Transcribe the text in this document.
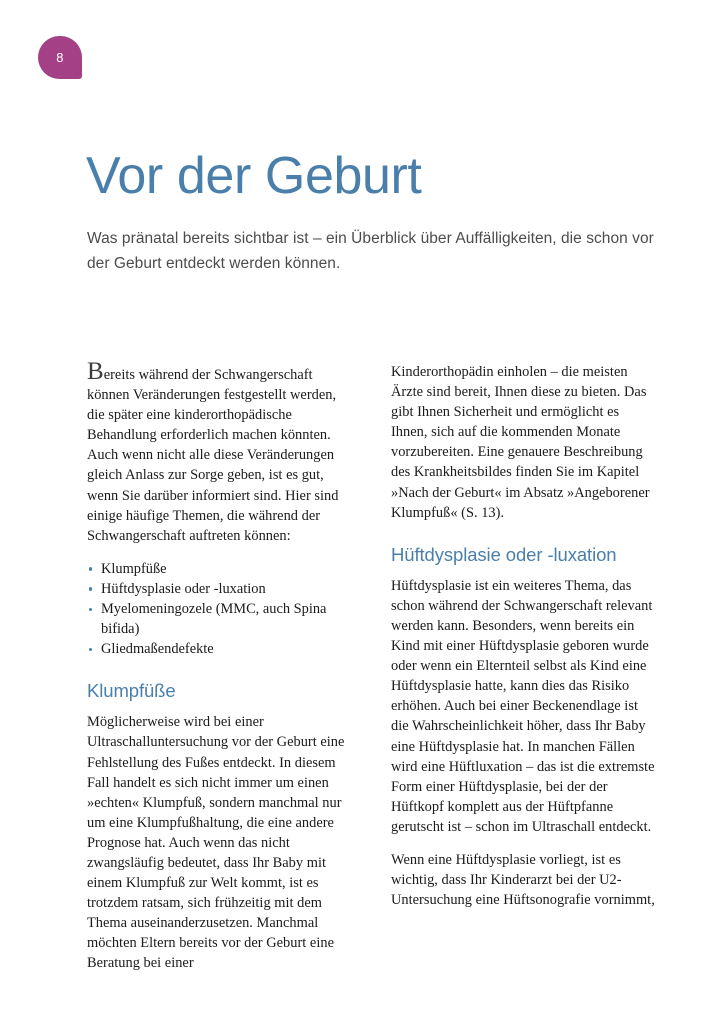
8
Vor der Geburt
Was pränatal bereits sichtbar ist – ein Überblick über Auffälligkeiten, die schon vor der Geburt entdeckt werden können.

Bereits während der Schwangerschaft können Veränderungen festgestellt werden, die später eine kinderorthopädische Behandlung erforderlich machen könnten. Auch wenn nicht alle diese Veränderungen gleich Anlass zur Sorge geben, ist es gut, wenn Sie darüber informiert sind. Hier sind einige häufige Themen, die während der Schwangerschaft auftreten können:

Klumpfüße
Hüftdysplasie oder -luxation
Myelomeningozele (MMC, auch Spina bifida)
Gliedmaßendefekte
Klumpfüße

Möglicherweise wird bei einer Ultraschalluntersuchung vor der Geburt eine Fehlstellung des Fußes entdeckt. In diesem Fall handelt es sich nicht immer um einen »echten« Klumpfuß, sondern manchmal nur um eine Klumpfußhaltung, die eine andere Prognose hat. Auch wenn das nicht zwangsläufig bedeutet, dass Ihr Baby mit einem Klumpfuß zur Welt kommt, ist es trotzdem ratsam, sich frühzeitig mit dem Thema auseinanderzusetzen. Manchmal möchten Eltern bereits vor der Geburt eine Beratung bei einer

Kinderorthopädin einholen – die meisten Ärzte sind bereit, Ihnen diese zu bieten. Das gibt Ihnen Sicherheit und ermöglicht es Ihnen, sich auf die kommenden Monate vorzubereiten. Eine genauere Beschreibung des Krankheitsbildes finden Sie im Kapitel »Nach der Geburt« im Absatz »Angeborener Klumpfuß« (S. 13).

Hüftdysplasie oder -luxation

Hüftdysplasie ist ein weiteres Thema, das schon während der Schwangerschaft relevant werden kann. Besonders, wenn bereits ein Kind mit einer Hüftdysplasie geboren wurde oder wenn ein Elternteil selbst als Kind eine Hüftdysplasie hatte, kann dies das Risiko erhöhen. Auch bei einer Beckenendlage ist die Wahrscheinlichkeit höher, dass Ihr Baby eine Hüftdysplasie hat. In manchen Fällen wird eine Hüftluxation – das ist die extremste Form einer Hüftdysplasie, bei der der Hüftkopf komplett aus der Hüftpfanne gerutscht ist – schon im Ultraschall entdeckt.

Wenn eine Hüftdysplasie vorliegt, ist es wichtig, dass Ihr Kinderarzt bei der U2-Untersuchung eine Hüftsonografie vornimmt,
